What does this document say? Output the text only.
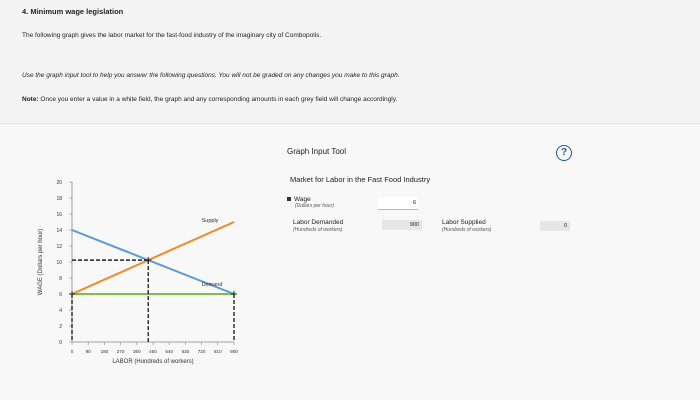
4. Minimum wage legislation
The following graph gives the labor market for the fast-food industry of the imaginary city of Combopolis.
Use the graph input tool to help you answer the following questions. You will not be graded on any changes you make to this graph.
Note: Once you enter a value in a white field, the graph and any corresponding amounts in each grey field will change accordingly.
0
2
4
6
8
10
12
14
16
18
20
0	90 180 270 360 450 540 630 720 810 900
LABOR (Hundreds of workers)
WAGE (Dollars per hour)
Supply
Demand
Graph Input Tool	?
Market for Labor in the Fast Food Industry
Wage
(Dollars per hour)	6
Labor Demanded
(Hundreds of workers)
900	Labor Supplied
(Hundreds of workers)
0
